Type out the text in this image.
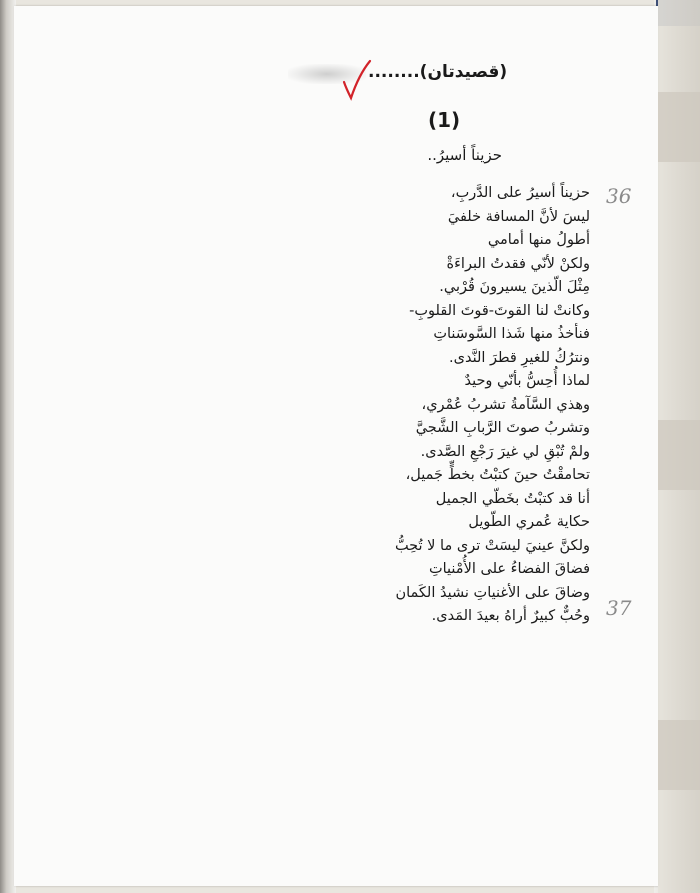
........(قصيدتان)
(1)
حزيناً أسيرُ..
حزيناً أسيرُ على الدَّربِ،
ليسَ لأنَّ المسافة خلفيَ
أطولُ منها أمامي
ولكنْ لأنّي فقدتُ البراءَةْ
مِثْلَ الّذينَ يسيرونَ قُرْبي.
وكانتْ لنا القوتَ-قوتَ القلوبِ-
فنأخذُ منها شَذا السَّوسَناتِ
ونترُكُ للغيرِ قطرَ النَّدى.
لماذا أُحِسُّ بأنّي وحيدٌ
وهذي السَّآمةُ تشربُ عُمْري،
وتشربُ صوتَ الرَّبابِ الشَّجيَّ
ولمْ تُبْقِ لي غيرَ رَجْعِ الصَّدى.
تحامقْتُ حينَ كتبْتُ بخطٍّ جَميل،
أنا قد كتبْتُ بخَطّي الجميل
حكاية عُمري الطّويل
ولكنَّ عينيَ ليسَتْ ترى ما لا تُحِبُّ
فضاقَ الفضاءُ على الأُمْنياتِ
وضاقَ على الأغنياتِ نشيدُ الكَمان
وحُبٌّ كبيرٌ أراهُ بعيدَ المَدى.
36
37
